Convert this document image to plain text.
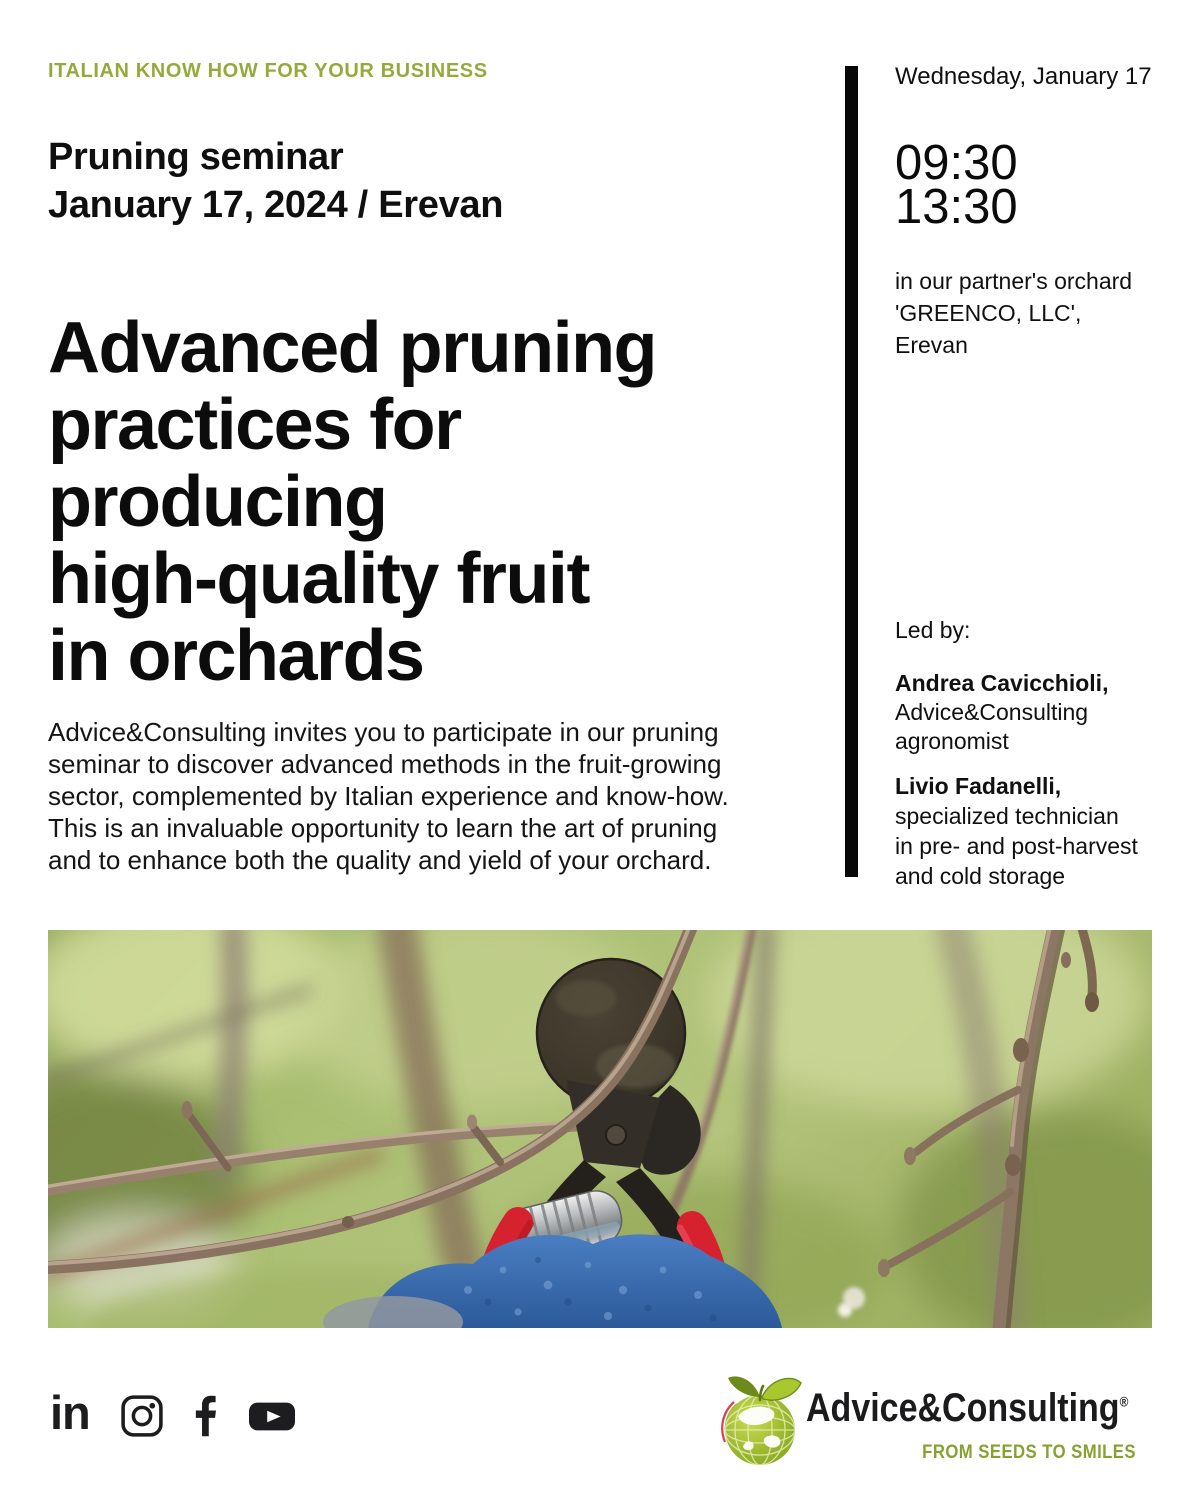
ITALIAN KNOW HOW FOR YOUR BUSINESS
Pruning seminar
January 17, 2024 / Erevan
Advanced pruning
practices for
producing
high-quality fruit
in orchards
Advice&Consulting invites you to participate in our pruning seminar to discover advanced methods in the fruit-growing sector, complemented by Italian experience and know-how. This is an invaluable opportunity to learn the art of pruning and to enhance both the quality and yield of your orchard.
Wednesday, January 17
09:30
13:30
in our partner's orchard
'GREENCO, LLC',
Erevan
Led by:
Andrea Cavicchioli,
Advice&Consulting
agronomist
Livio Fadanelli,
specialized technician
in pre- and post-harvest
and cold storage
in	Advice&Consulting®
FROM SEEDS TO SMILES
